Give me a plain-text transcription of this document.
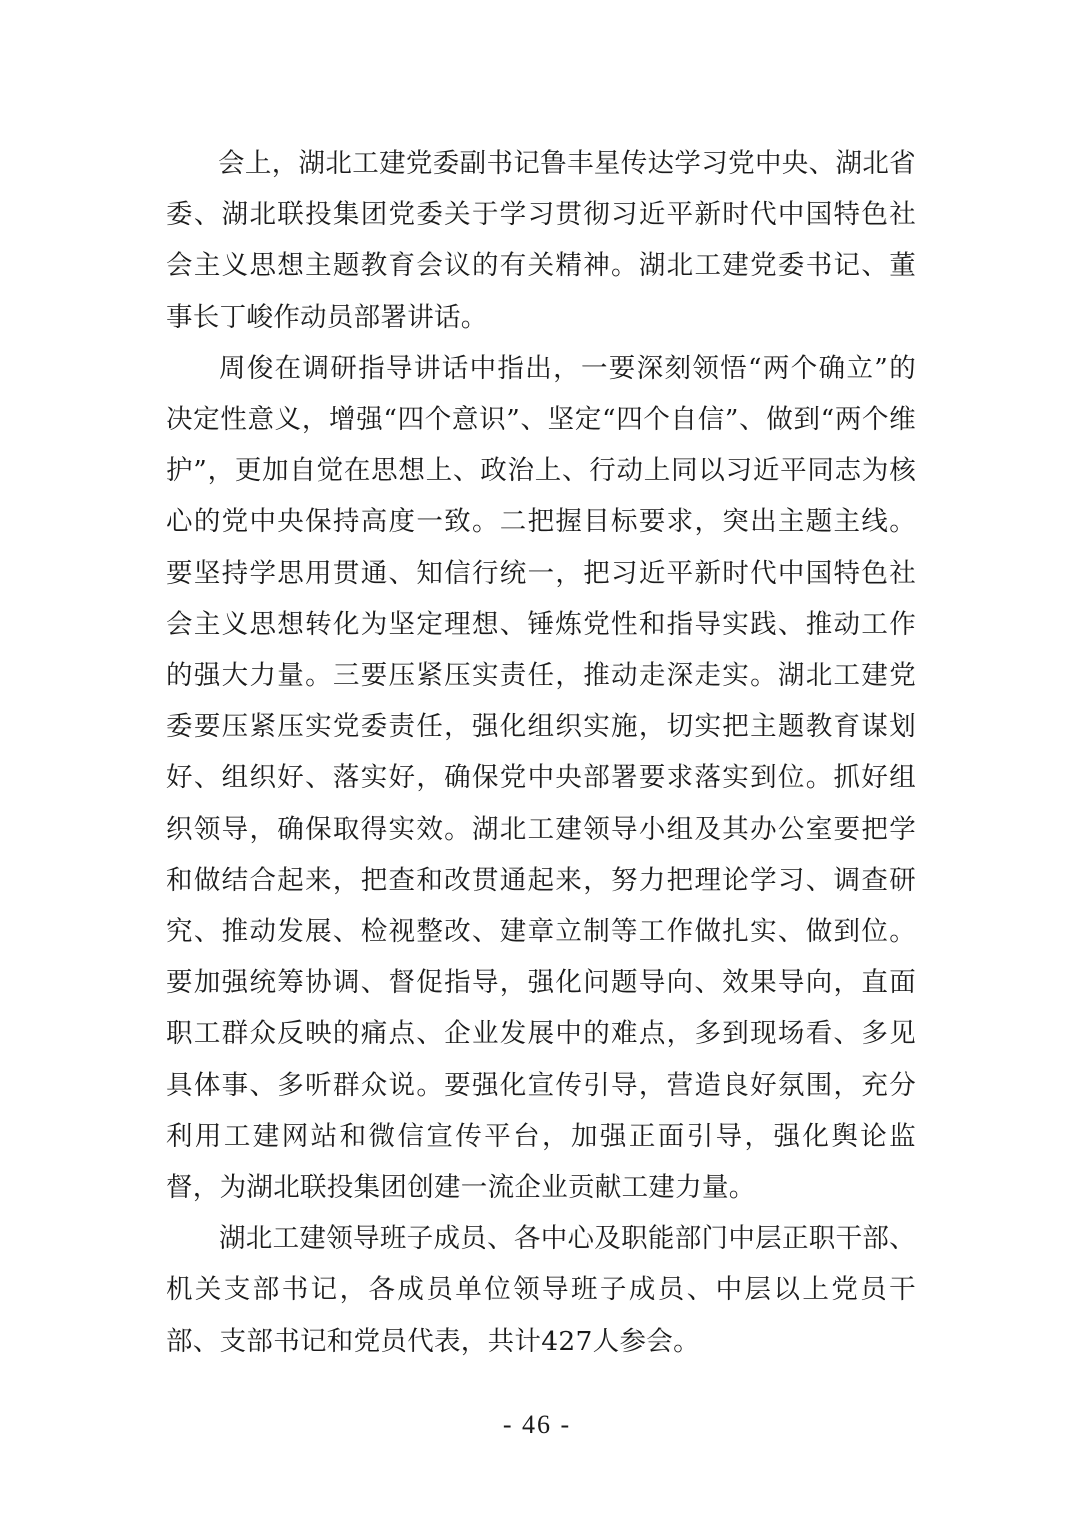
会上，湖北工建党委副书记鲁丰星传达学习党中央、湖北省委、湖北联投集团党委关于学习贯彻习近平新时代中国特色社会主义思想主题教育会议的有关精神。湖北工建党委书记、董事长丁峻作动员部署讲话。

周俊在调研指导讲话中指出，一要深刻领悟“两个确立”的决定性意义，增强“四个意识”、坚定“四个自信”、做到“两个维护”，更加自觉在思想上、政治上、行动上同以习近平同志为核心的党中央保持高度一致。二把握目标要求，突出主题主线。要坚持学思用贯通、知信行统一，把习近平新时代中国特色社会主义思想转化为坚定理想、锤炼党性和指导实践、推动工作的强大力量。三要压紧压实责任，推动走深走实。湖北工建党委要压紧压实党委责任，强化组织实施，切实把主题教育谋划好、组织好、落实好，确保党中央部署要求落实到位。抓好组织领导，确保取得实效。湖北工建领导小组及其办公室要把学和做结合起来，把查和改贯通起来，努力把理论学习、调查研究、推动发展、检视整改、建章立制等工作做扎实、做到位。要加强统筹协调、督促指导，强化问题导向、效果导向，直面职工群众反映的痛点、企业发展中的难点，多到现场看、多见具体事、多听群众说。要强化宣传引导，营造良好氛围，充分利用工建网站和微信宣传平台，加强正面引导，强化舆论监督，为湖北联投集团创建一流企业贡献工建力量。

湖北工建领导班子成员、各中心及职能部门中层正职干部、机关支部书记，各成员单位领导班子成员、中层以上党员干部、支部书记和党员代表，共计427人参会。

- 46 -
